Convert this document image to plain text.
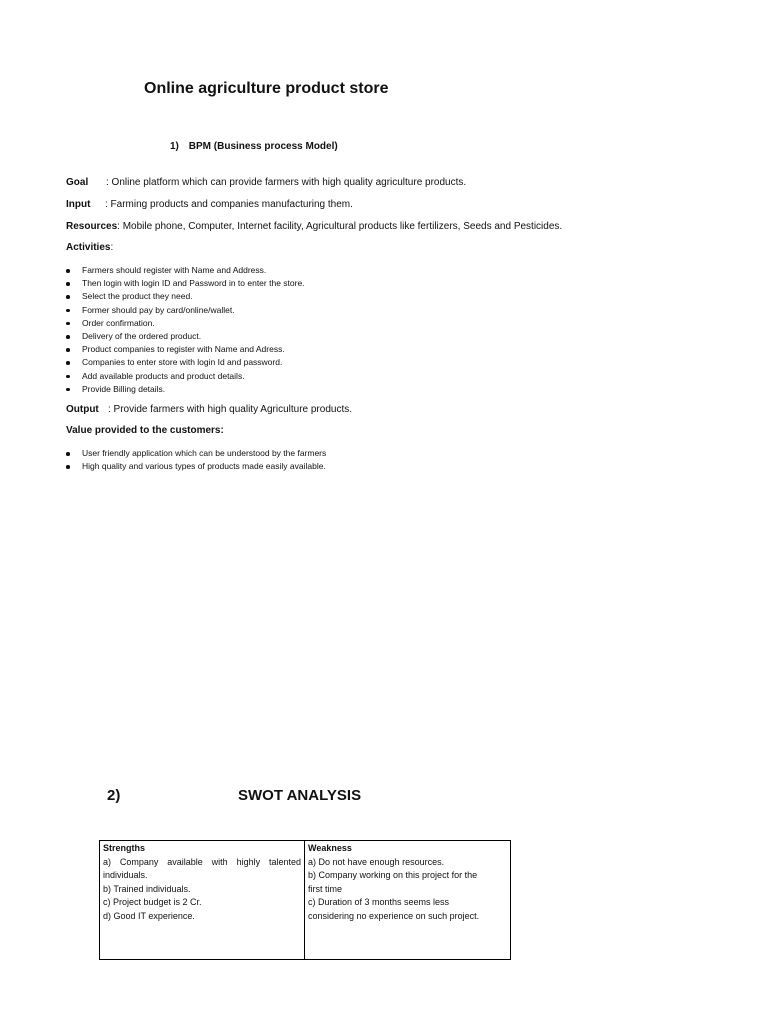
Online agriculture product store
1) BPM (Business process Model)
Goal : Online platform which can provide farmers with high quality agriculture products.
Input : Farming products and companies manufacturing them.
Resources: Mobile phone, Computer, Internet facility, Agricultural products like fertilizers, Seeds and Pesticides.
Activities:
Farmers should register with Name and Address.
Then login with login ID and Password in to enter the store.
Select the product they need.
Former should pay by card/online/wallet.
Order confirmation.
Delivery of the ordered product.
Product companies to register with Name and Adress.
Companies to enter store with login Id and password.
Add available products and product details.
Provide Billing details.
Output : Provide farmers with high quality Agriculture products.
Value provided to the customers:
User friendly application which can be understood by the farmers
High quality and various types of products made easily available.
2)	SWOT ANALYSIS
Strengths
a) Company available with highly talented
individuals.
b) Trained individuals.
c) Project budget is 2 Cr.
d) Good IT experience.
Weakness
a) Do not have enough resources.
b) Company working on this project for the
first time
c) Duration of 3 months seems less
considering no experience on such project.
